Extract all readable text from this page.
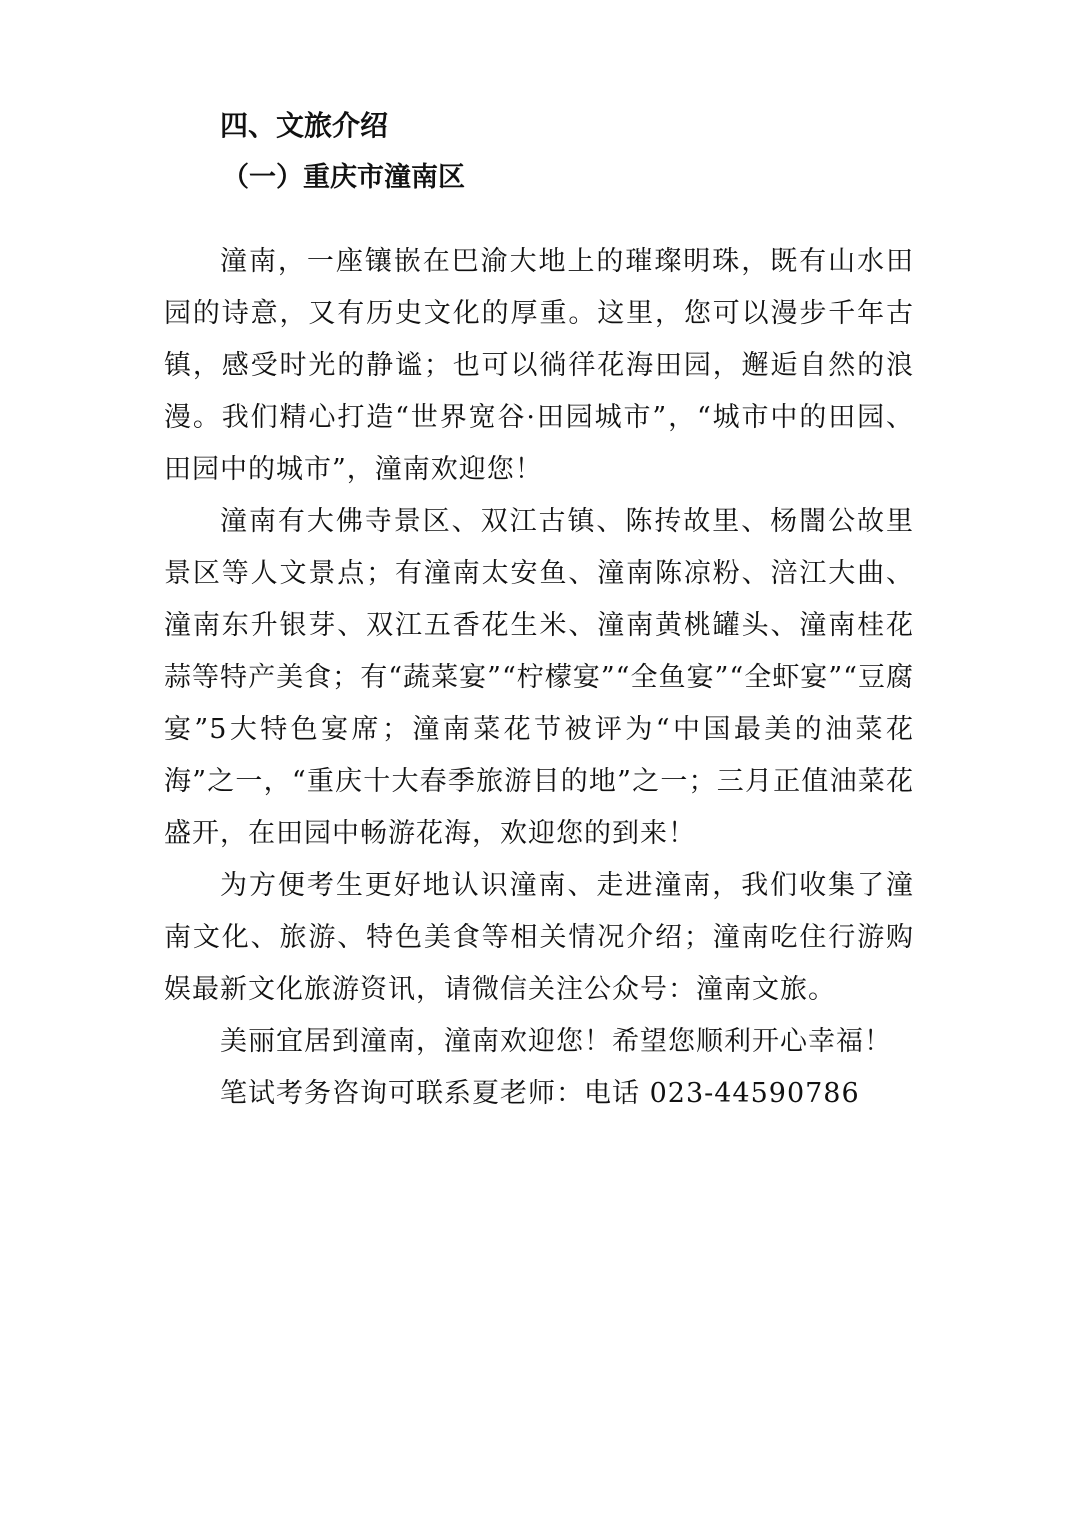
四、文旅介绍
（一）重庆市潼南区

潼南，一座镶嵌在巴渝大地上的璀璨明珠，既有山水田园的诗意，又有历史文化的厚重。这里，您可以漫步千年古镇，感受时光的静谧；也可以徜徉花海田园，邂逅自然的浪漫。我们精心打造“世界宽谷·田园城市”，“城市中的田园、田园中的城市”，潼南欢迎您！

潼南有大佛寺景区、双江古镇、陈抟故里、杨闇公故里景区等人文景点；有潼南太安鱼、潼南陈凉粉、涪江大曲、潼南东升银芽、双江五香花生米、潼南黄桃罐头、潼南桂花蒜等特产美食；有“蔬菜宴”“柠檬宴”“全鱼宴”“全虾宴”“豆腐宴”5大特色宴席；潼南菜花节被评为“中国最美的油菜花海”之一，“重庆十大春季旅游目的地”之一；三月正值油菜花盛开，在田园中畅游花海，欢迎您的到来！

为方便考生更好地认识潼南、走进潼南，我们收集了潼南文化、旅游、特色美食等相关情况介绍；潼南吃住行游购娱最新文化旅游资讯，请微信关注公众号：潼南文旅。

美丽宜居到潼南，潼南欢迎您！希望您顺利开心幸福！

笔试考务咨询可联系夏老师：电话 023-44590786
